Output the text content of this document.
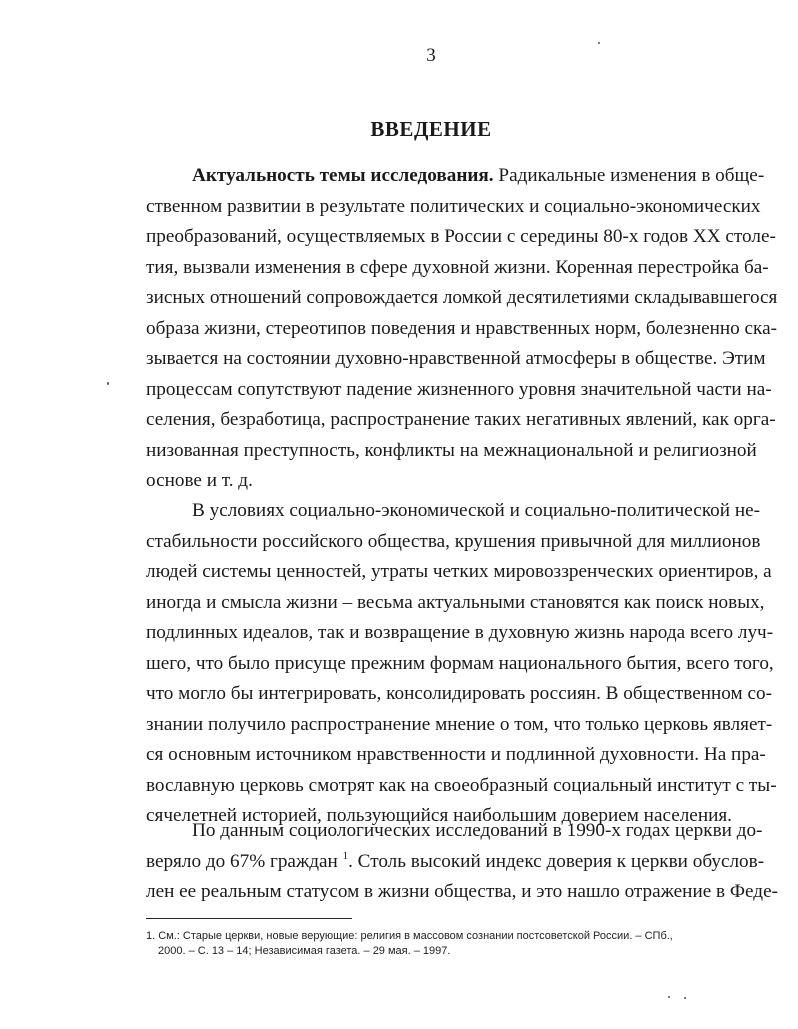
3
ВВЕДЕНИЕ
Актуальность темы исследования. Радикальные изменения в обще-
ственном развитии в результате политических и социально-экономических
преобразований, осуществляемых в России с середины 80-х годов XX столе-
тия, вызвали изменения в сфере духовной жизни. Коренная перестройка ба-
зисных отношений сопровождается ломкой десятилетиями складывавшегося
образа жизни, стереотипов поведения и нравственных норм, болезненно ска-
зывается на состоянии духовно-нравственной атмосферы в обществе. Этим
процессам сопутствуют падение жизненного уровня значительной части на-
селения, безработица, распространение таких негативных явлений, как орга-
низованная преступность, конфликты на межнациональной и религиозной
основе и т. д.
В условиях социально-экономической и социально-политической не-
стабильности российского общества, крушения привычной для миллионов
людей системы ценностей, утраты четких мировоззренческих ориентиров, а
иногда и смысла жизни – весьма актуальными становятся как поиск новых,
подлинных идеалов, так и возвращение в духовную жизнь народа всего луч-
шего, что было присуще прежним формам национального бытия, всего того,
что могло бы интегрировать, консолидировать россиян. В общественном со-
знании получило распространение мнение о том, что только церковь являет-
ся основным источником нравственности и подлинной духовности. На пра-
вославную церковь смотрят как на своеобразный социальный институт с ты-
сячелетней историей, пользующийся наибольшим доверием населения.
По данным социологических исследований в 1990-х годах церкви до-
веряло до 67% граждан $^1$. Столь высокий индекс доверия к церкви обуслов-
лен ее реальным статусом в жизни общества, и это нашло отражение в Феде-
1. См.: Старые церкви, новые верующие: религия в массовом сознании постсоветской России. – СПб.,
2000. – С. 13 – 14; Независимая газета. – 29 мая. – 1997.
